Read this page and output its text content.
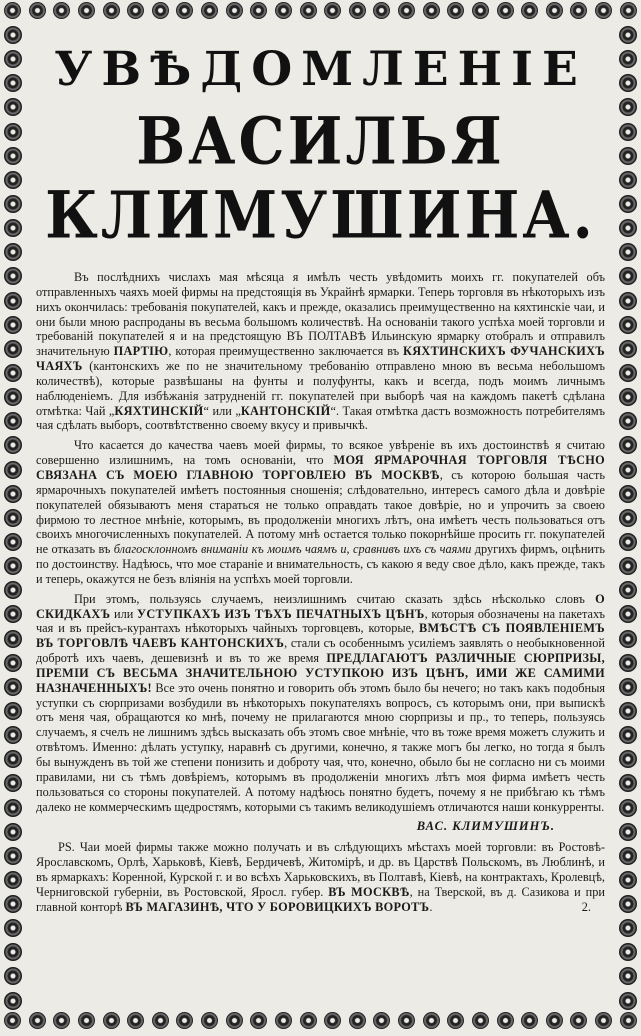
УВѢДОМЛЕНІЕ
ВАСИЛЬЯ КЛИМУШИНА.

Въ послѣднихъ числахъ мая мѣсяца я имѣлъ честь увѣдомить моихъ гг. покупателей объ отправленныхъ чаяхъ моей фирмы на предстоящія въ Украйнѣ ярмарки. Теперь торговля въ нѣкоторыхъ изъ нихъ окончилась: требованія покупателей, какъ и прежде, оказались преимущественно на кяхтинскіе чаи, и они были мною распроданы въ весьма большомъ количествѣ. На основаніи такого успѣха моей торговли и требованій покупателей я и на предстоящую ВЪ ПОЛТАВѢ Ильинскую ярмарку отобралъ и отправилъ значительную ПАРТІЮ, которая преимущественно заключается въ КЯХТИНСКИХЪ ФУЧАНСКИХЪ ЧАЯХЪ (кантонскихъ же по не значительному требованію отправлено мною въ весьма небольшомъ количествѣ), которые развѣшаны на фунты и полуфунты, какъ и всегда, подъ моимъ личнымъ наблюденіемъ. Для избѣжанія затрудненій гг. покупателей при выборѣ чая на каждомъ пакетѣ сдѣлана отмѣтка: Чай „КЯХТИНСКІЙ“ или „КАНТОНСКІЙ“. Такая отмѣтка дастъ возможность потребителямъ чая сдѣлать выборъ, соотвѣтственно своему вкусу и привычкѣ.

Что касается до качества чаевъ моей фирмы, то всякое увѣреніе въ ихъ достоинствѣ я считаю совершенно излишнимъ, на томъ основаніи, что МОЯ ЯРМАРОЧНАЯ ТОРГОВЛЯ ТѢСНО СВЯЗАНА СЪ МОЕЮ ГЛАВНОЮ ТОРГОВЛЕЮ ВЪ МОСКВѢ, съ которою большая часть ярмарочныхъ покупателей имѣетъ постоянныя сношенія; слѣдовательно, интересъ самого дѣла и довѣріе покупателей обязываютъ меня стараться не только оправдать такое довѣріе, но и упрочить за своею фирмою то лестное мнѣніе, которымъ, въ продолженіи многихъ лѣтъ, она имѣетъ честь пользоваться отъ своихъ многочисленныхъ покупателей. А потому мнѣ остается только покорнѣйше просить гг. покупателей не отказать въ благосклонномъ вниманіи къ моимъ чаямъ и, сравнивъ ихъ съ чаями другихъ фирмъ, оцѣнить по достоинству. Надѣюсь, что мое стараніе и внимательность, съ какою я веду свое дѣло, какъ прежде, такъ и теперь, окажутся не безъ вліянія на успѣхъ моей торговли.

При этомъ, пользуясь случаемъ, неизлишнимъ считаю сказать здѣсь нѣсколько словъ О СКИДКАХЪ или УСТУПКАХЪ ИЗЪ ТѢХЪ ПЕЧАТНЫХЪ ЦѢНЪ, которыя обозначены на пакетахъ чая и въ прейсъ-курантахъ нѣкоторыхъ чайныхъ торговцевъ, которые, ВМѢСТѢ СЪ ПОЯВЛЕНІЕМЪ ВЪ ТОРГОВЛѢ ЧАЕВЪ КАНТОНСКИХЪ, стали съ особеннымъ усиліемъ заявлять о необыкновенной добротѣ ихъ чаевъ, дешевизнѣ и въ то же время ПРЕДЛАГАЮТЪ РАЗЛИЧНЫЕ СЮРПРИЗЫ, ПРЕМІИ СЪ ВЕСЬМА ЗНАЧИТЕЛЬНОЮ УСТУПКОЮ ИЗЪ ЦѢНЪ, ИМИ ЖЕ САМИМИ НАЗНАЧЕННЫХЪ! Все это очень понятно и говорить объ этомъ было бы нечего; но такъ какъ подобныя уступки съ сюрпризами возбудили въ нѣкоторыхъ покупателяхъ вопросъ, съ которымъ они, при выпискѣ отъ меня чая, обращаются ко мнѣ, почему не прилагаются мною сюрпризы и пр., то теперь, пользуясь случаемъ, я счелъ не лишнимъ здѣсь высказать объ этомъ свое мнѣніе, что въ тоже время можетъ служить и отвѣтомъ. Именно: дѣлать уступку, наравнѣ съ другими, конечно, я также могъ бы легко, но тогда я былъ бы вынужденъ въ той же степени понизить и доброту чая, что, конечно, обыло бы не согласно ни съ моими правилами, ни съ тѣмъ довѣріемъ, которымъ въ продолженіи многихъ лѣтъ моя фирма имѣетъ честь пользоваться со стороны покупателей. А потому надѣюсь понятно будетъ, почему я не прибѣгаю къ тѣмъ далеко не коммерческимъ щедростямъ, которыми съ такимъ великодушіемъ отличаются наши конкурренты.

ВАС. КЛИМУШИНЪ.

PS. Чаи моей фирмы также можно получать и въ слѣдующихъ мѣстахъ моей торговли: въ Ростовѣ-Ярославскомъ, Орлѣ, Харьковѣ, Кіевѣ, Бердичевѣ, Житомірѣ, и др. въ Царствѣ Польскомъ, въ Люблинѣ, и въ ярмаркахъ: Коренной, Курской г. и во всѣхъ Харьковскихъ, въ Полтавѣ, Кіевѣ, на контрактахъ, Кролевцѣ, Черниговской губерніи, въ Ростовской, Яросл. губер. ВЪ МОСКВѢ, на Тверской, въ д. Сазикова и при главной конторѣ ВЪ МАГАЗИНѢ, ЧТО У БОРОВИЦКИХЪ ВОРОТЪ.	2.
